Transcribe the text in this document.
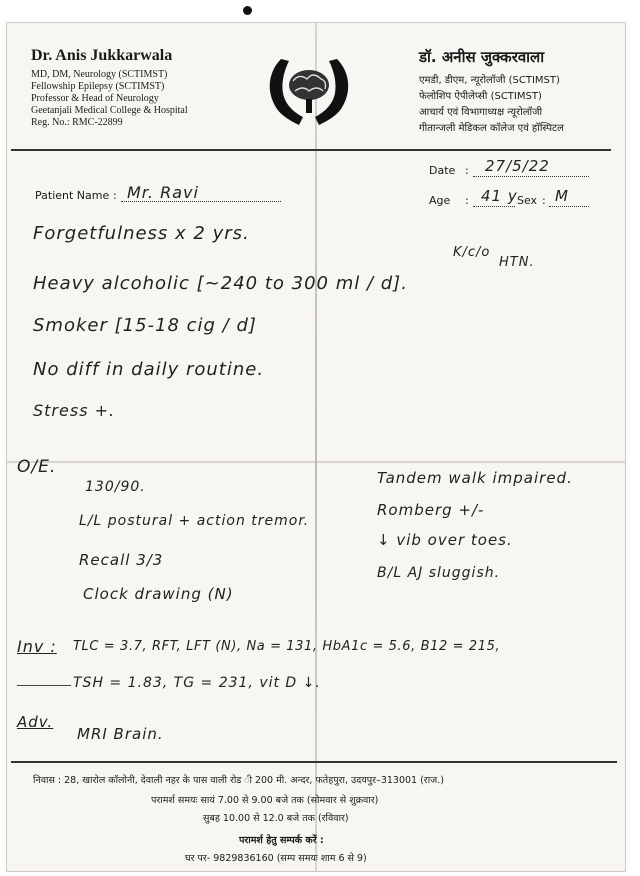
Dr. Anis Jukkarwala
MD, DM, Neurology (SCTIMST)
Fellowship Epilepsy (SCTIMST)
Professor & Head of Neurology
Geetanjali Medical College & Hospital
Reg. No.: RMC-22899
डॉ. अनीस जुक्करवाला
एमडी, डीएम, न्यूरोलॉजी (SCTIMST)
फेलोशिप ऐपीलेप्सी (SCTIMST)
आचार्य एवं विभागाध्यक्ष न्यूरोलॉजी
गीतान्जली मेडिकल कॉलेज एवं हॉस्पिटल
Patient Name : Mr. Ravi
Date : 27/5/22
Age : 41 y Sex : M
Forgetfulness x 2 yrs.
Heavy alcoholic [~240 to 300 ml / d].
Smoker [15-18 cig / d]
No diff in daily routine.
Stress +.
K/c/o
HTN.
O/E.
130/90.
L/L postural + action tremor.
Recall 3/3
Clock drawing (N)
Tandem walk impaired.
Romberg +/-
↓ vib over toes.
B/L AJ sluggish.
Inv : TLC = 3.7, RFT, LFT (N), Na = 131, HbA1c = 5.6, B12 = 215,
TSH = 1.83, TG = 231, vit D ↓.
Adv.
MRI Brain.
निवास : 28, खारोल कॉलोनी, देवाली नहर के पास वाली रोड ी 200 मी. अन्दर, फतेहपुरा, उदयपुर–313001 (राज.)
परामर्श समयः सायं 7.00 से 9.00 बजे तक (सोमवार से शुक्रवार)
सुबह 10.00 से 12.0 बजे तक (रविवार)
परामर्श हेतु सम्पर्क करें :
घर पर- 9829836160 (सम्प समयः शाम 6 से 9)
